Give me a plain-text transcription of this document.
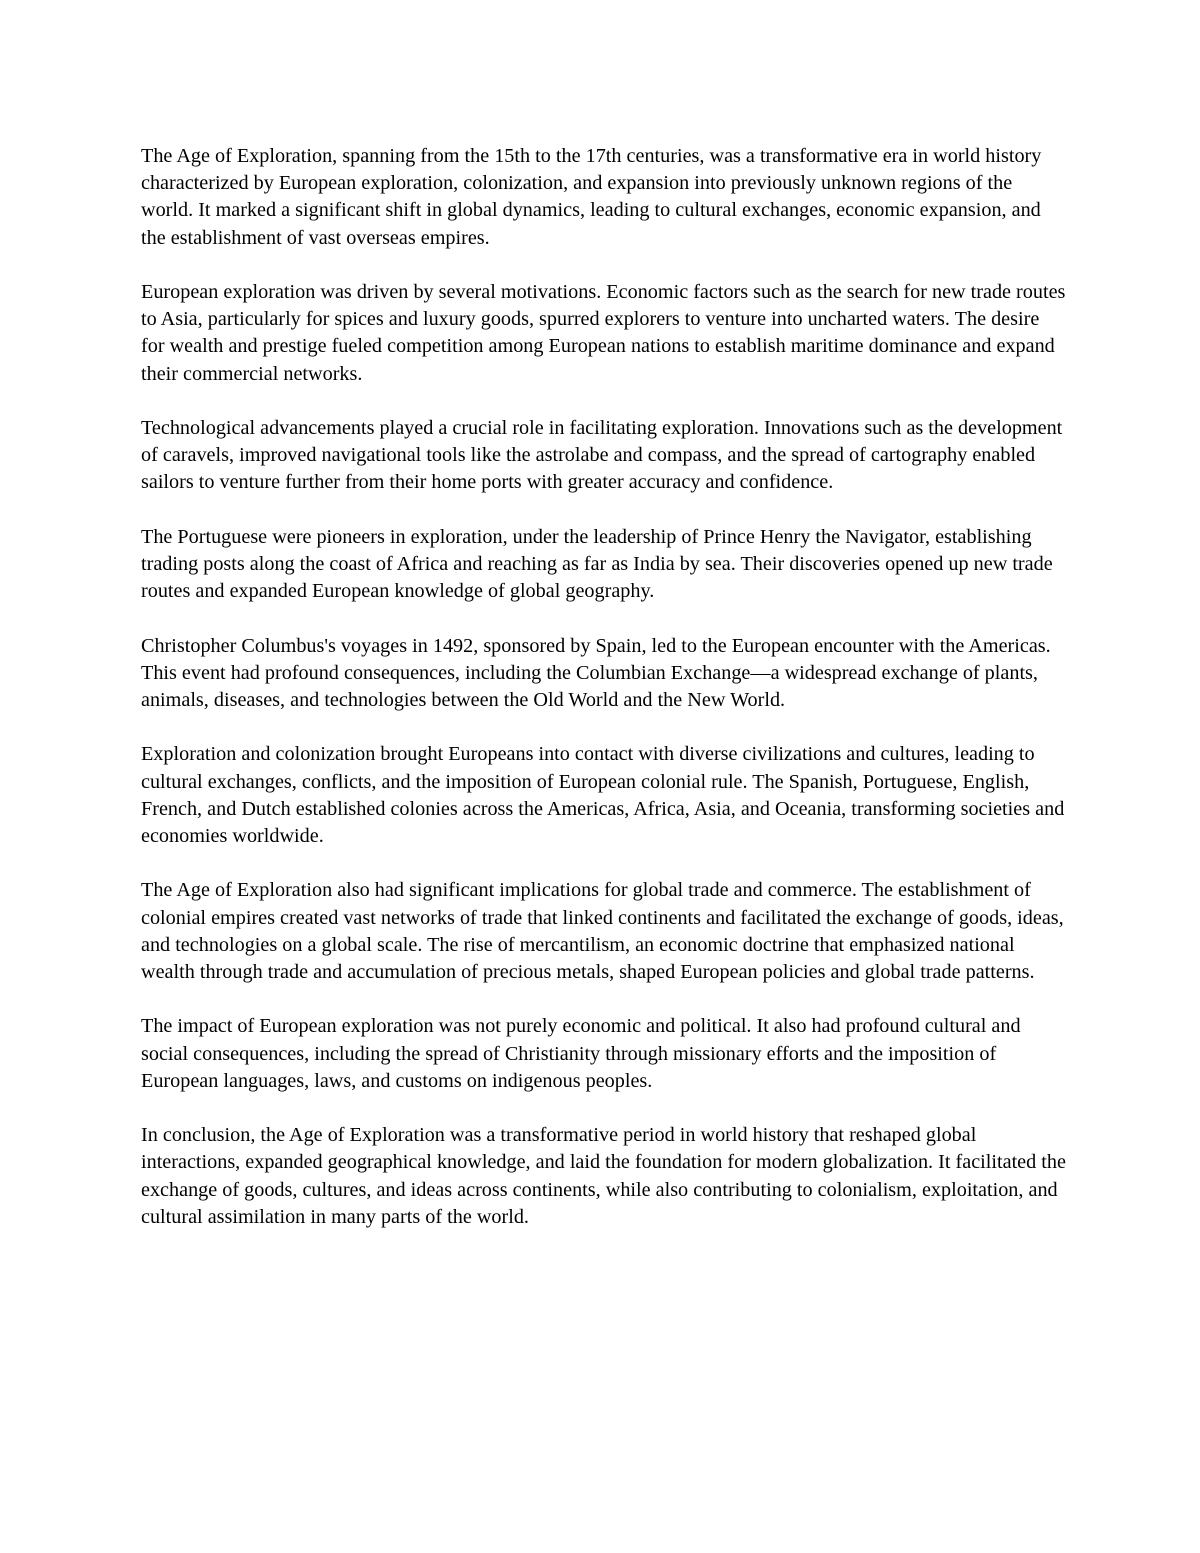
The Age of Exploration, spanning from the 15th to the 17th centuries, was a transformative era in world history characterized by European exploration, colonization, and expansion into previously unknown regions of the world. It marked a significant shift in global dynamics, leading to cultural exchanges, economic expansion, and the establishment of vast overseas empires.

European exploration was driven by several motivations. Economic factors such as the search for new trade routes to Asia, particularly for spices and luxury goods, spurred explorers to venture into uncharted waters. The desire for wealth and prestige fueled competition among European nations to establish maritime dominance and expand their commercial networks.

Technological advancements played a crucial role in facilitating exploration. Innovations such as the development of caravels, improved navigational tools like the astrolabe and compass, and the spread of cartography enabled sailors to venture further from their home ports with greater accuracy and confidence.

The Portuguese were pioneers in exploration, under the leadership of Prince Henry the Navigator, establishing trading posts along the coast of Africa and reaching as far as India by sea. Their discoveries opened up new trade routes and expanded European knowledge of global geography.

Christopher Columbus's voyages in 1492, sponsored by Spain, led to the European encounter with the Americas. This event had profound consequences, including the Columbian Exchange—a widespread exchange of plants, animals, diseases, and technologies between the Old World and the New World.

Exploration and colonization brought Europeans into contact with diverse civilizations and cultures, leading to cultural exchanges, conflicts, and the imposition of European colonial rule. The Spanish, Portuguese, English, French, and Dutch established colonies across the Americas, Africa, Asia, and Oceania, transforming societies and economies worldwide.

The Age of Exploration also had significant implications for global trade and commerce. The establishment of colonial empires created vast networks of trade that linked continents and facilitated the exchange of goods, ideas, and technologies on a global scale. The rise of mercantilism, an economic doctrine that emphasized national wealth through trade and accumulation of precious metals, shaped European policies and global trade patterns.

The impact of European exploration was not purely economic and political. It also had profound cultural and social consequences, including the spread of Christianity through missionary efforts and the imposition of European languages, laws, and customs on indigenous peoples.

In conclusion, the Age of Exploration was a transformative period in world history that reshaped global interactions, expanded geographical knowledge, and laid the foundation for modern globalization. It facilitated the exchange of goods, cultures, and ideas across continents, while also contributing to colonialism, exploitation, and cultural assimilation in many parts of the world.
